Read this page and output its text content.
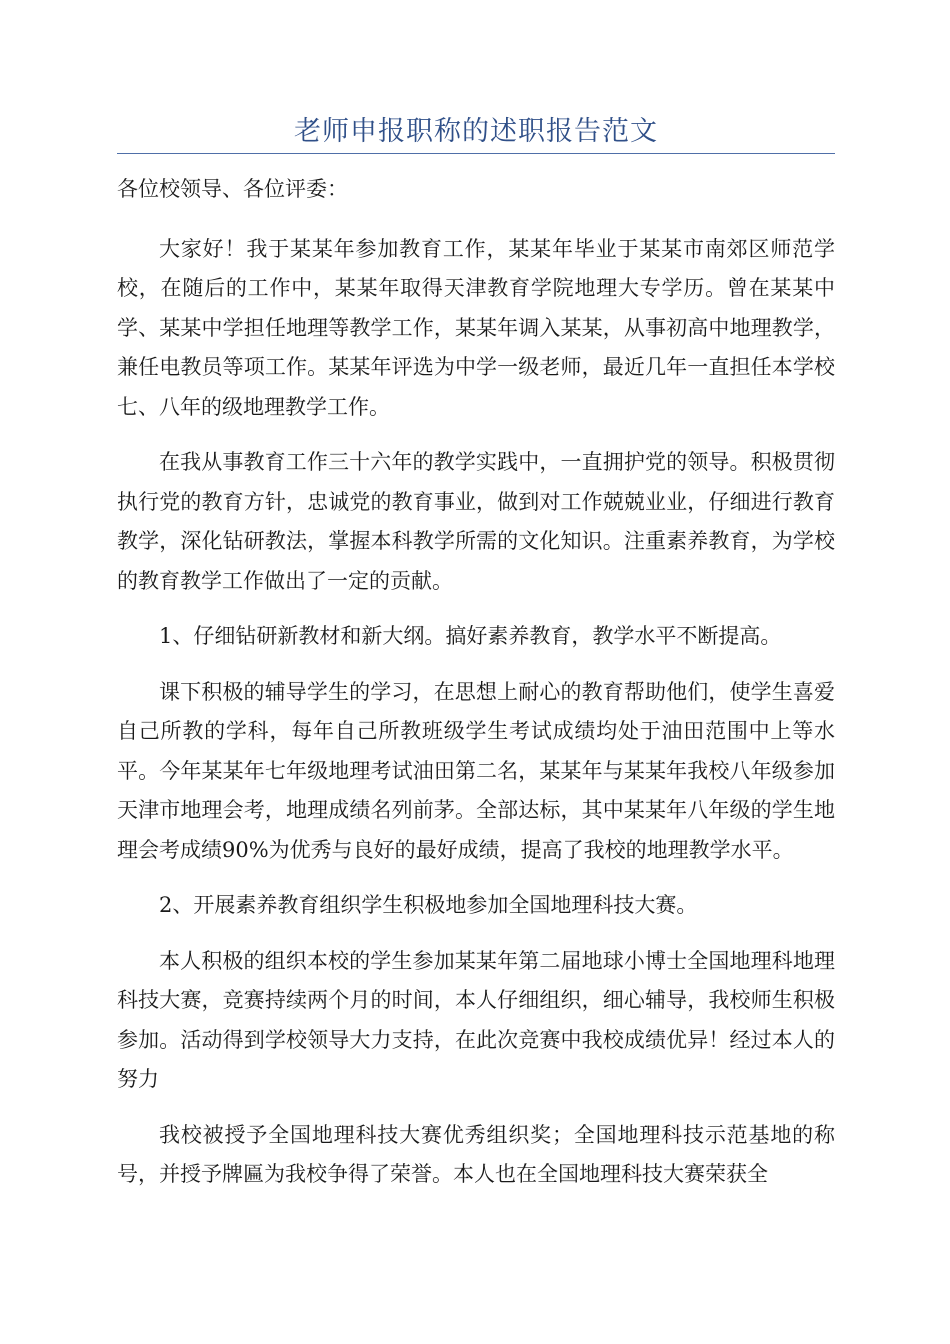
老师申报职称的述职报告范文

各位校领导、各位评委：

大家好！我于某某年参加教育工作，某某年毕业于某某市南郊区师范学校，在随后的工作中，某某年取得天津教育学院地理大专学历。曾在某某中学、某某中学担任地理等教学工作，某某年调入某某，从事初高中地理教学，兼任电教员等项工作。某某年评选为中学一级老师，最近几年一直担任本学校七、八年的级地理教学工作。

在我从事教育工作三十六年的教学实践中，一直拥护党的领导。积极贯彻执行党的教育方针，忠诚党的教育事业，做到对工作兢兢业业，仔细进行教育教学，深化钻研教法，掌握本科教学所需的文化知识。注重素养教育，为学校的教育教学工作做出了一定的贡献。

1、仔细钻研新教材和新大纲。搞好素养教育，教学水平不断提高。

课下积极的辅导学生的学习，在思想上耐心的教育帮助他们，使学生喜爱自己所教的学科，每年自己所教班级学生考试成绩均处于油田范围中上等水平。今年某某年七年级地理考试油田第二名，某某年与某某年我校八年级参加天津市地理会考，地理成绩名列前茅。全部达标，其中某某年八年级的学生地理会考成绩90%为优秀与良好的最好成绩，提高了我校的地理教学水平。

2、开展素养教育组织学生积极地参加全国地理科技大赛。

本人积极的组织本校的学生参加某某年第二届地球小博士全国地理科地理科技大赛，竞赛持续两个月的时间，本人仔细组织，细心辅导，我校师生积极参加。活动得到学校领导大力支持，在此次竞赛中我校成绩优异！经过本人的努力

我校被授予全国地理科技大赛优秀组织奖；全国地理科技示范基地的称号，并授予牌匾为我校争得了荣誉。本人也在全国地理科技大赛荣获全
